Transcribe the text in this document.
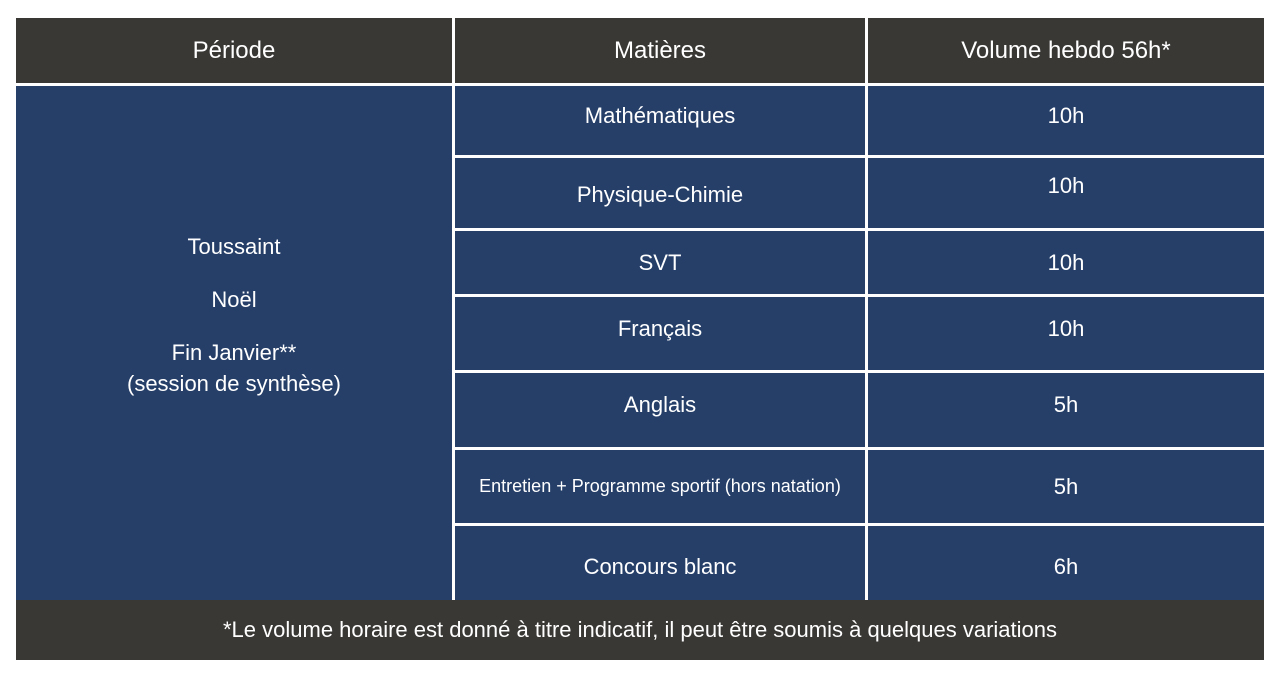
Période	Matières	Volume hebdo 56h*
Toussaint
Noël
Fin Janvier**
(session de synthèse)
Mathématiques	10h
Physique-Chimie	10h
SVT	10h
Français	10h
Anglais	5h
Entretien + Programme sportif (hors natation)	5h
Concours blanc	6h
*Le volume horaire est donné à titre indicatif, il peut être soumis à quelques variations
